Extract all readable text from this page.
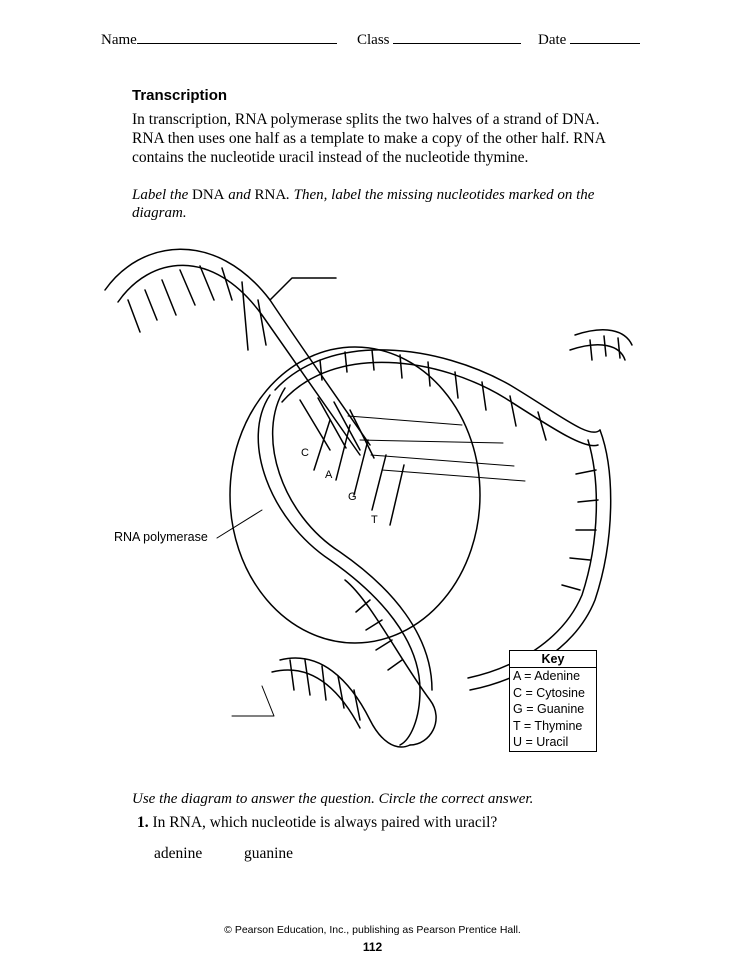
Name	Class	Date
Transcription
In transcription, RNA polymerase splits the two halves of a strand of DNA. RNA then uses one half as a template to make a copy of the other half. RNA contains the nucleotide uracil instead of the nucleotide thymine.
Label the DNA and RNA. Then, label the missing nucleotides marked on the diagram.
RNA polymerase
C
A
G
T
Key
A = Adenine
C = Cytosine
G = Guanine
T = Thymine
U = Uracil
Use the diagram to answer the question. Circle the correct answer.
1. In RNA, which nucleotide is always paired with uracil?
adenine	guanine
© Pearson Education, Inc., publishing as Pearson Prentice Hall.
112
